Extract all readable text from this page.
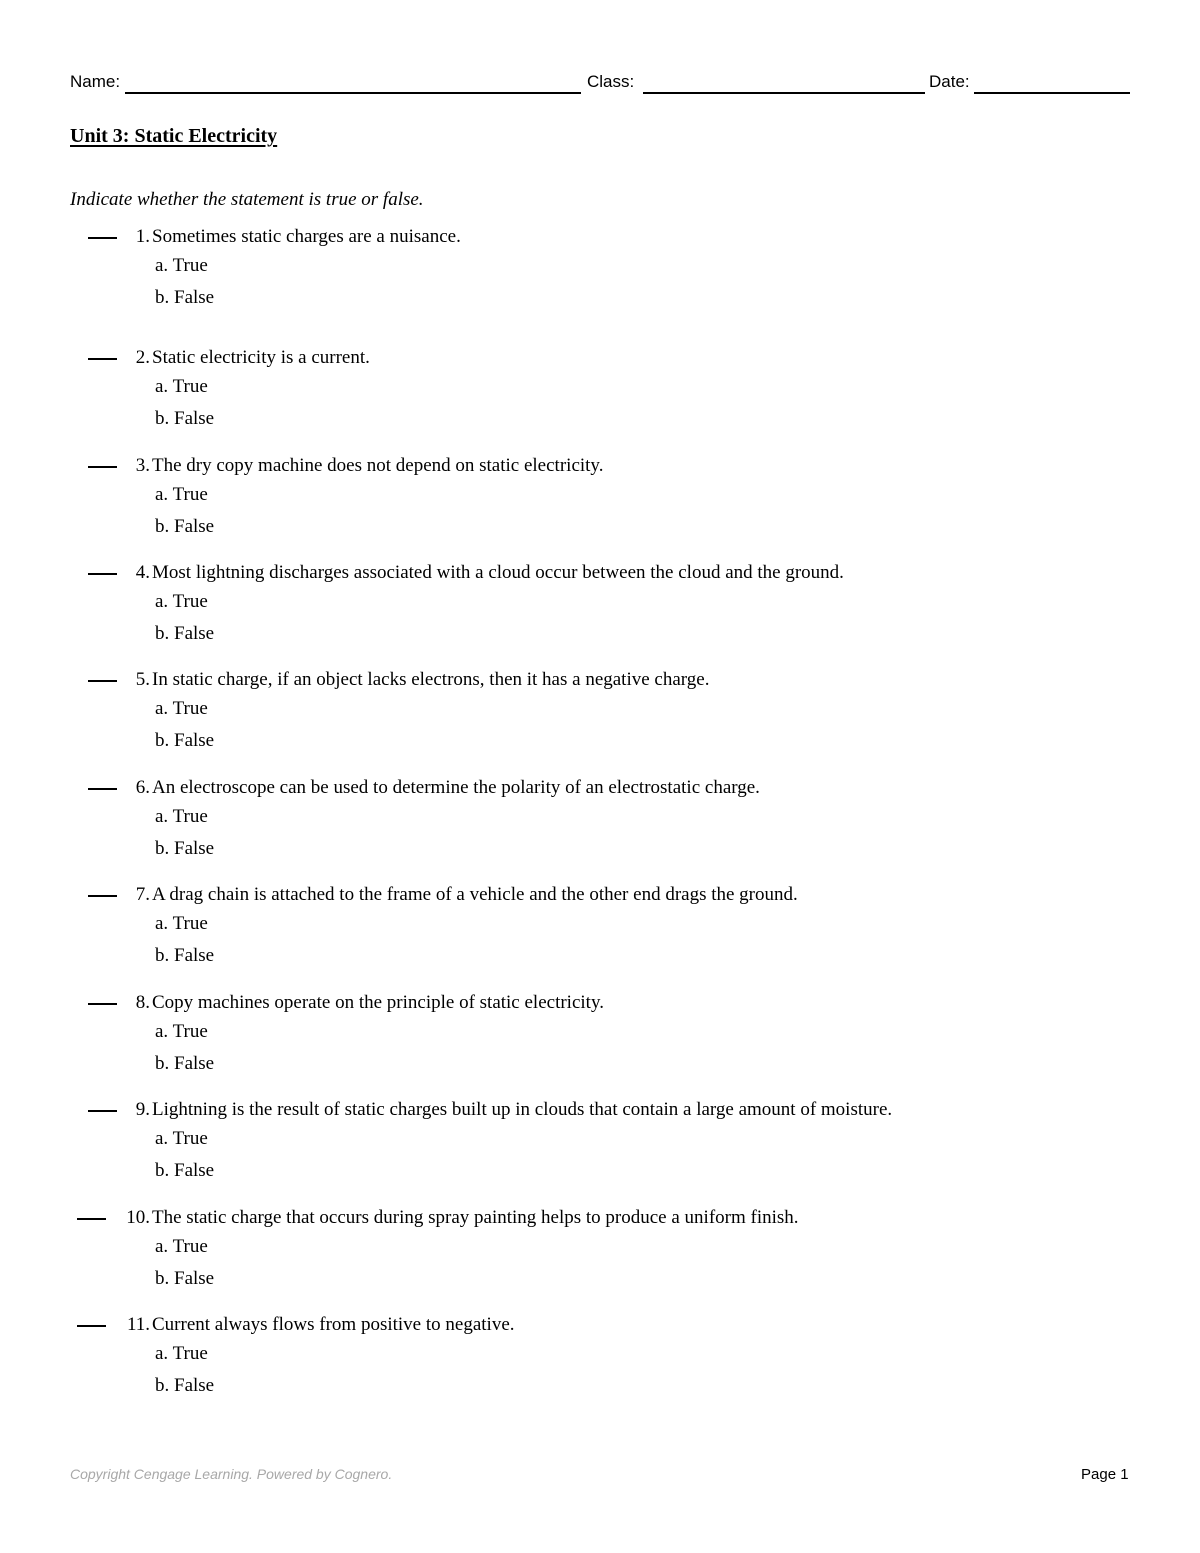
Name:	Class:	Date:
Unit 3: Static Electricity
Indicate whether the statement is true or false.
1. Sometimes static charges are a nuisance.
a. True
b. False
2. Static electricity is a current.
a. True
b. False
3. The dry copy machine does not depend on static electricity.
a. True
b. False
4. Most lightning discharges associated with a cloud occur between the cloud and the ground.
a. True
b. False
5. In static charge, if an object lacks electrons, then it has a negative charge.
a. True
b. False
6. An electroscope can be used to determine the polarity of an electrostatic charge.
a. True
b. False
7. A drag chain is attached to the frame of a vehicle and the other end drags the ground.
a. True
b. False
8. Copy machines operate on the principle of static electricity.
a. True
b. False
9. Lightning is the result of static charges built up in clouds that contain a large amount of moisture.
a. True
b. False
10. The static charge that occurs during spray painting helps to produce a uniform finish.
a. True
b. False
11. Current always flows from positive to negative.
a. True
b. False
Copyright Cengage Learning. Powered by Cognero.	Page 1
